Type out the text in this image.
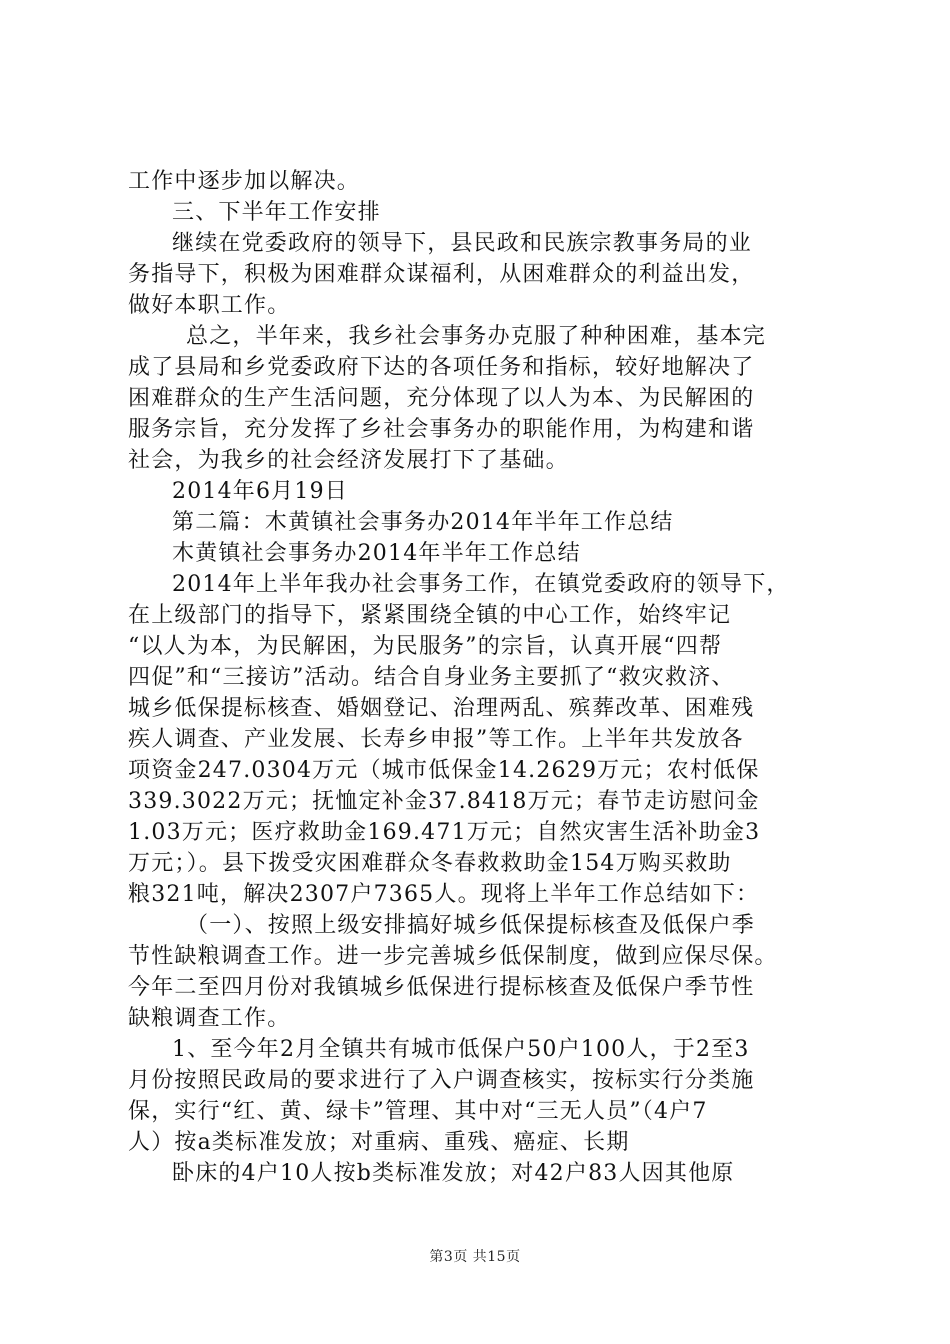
工作中逐步加以解决。
三、下半年工作安排
继续在党委政府的领导下，县民政和民族宗教事务局的业
务指导下，积极为困难群众谋福利，从困难群众的利益出发，
做好本职工作。
总之，半年来，我乡社会事务办克服了种种困难，基本完
成了县局和乡党委政府下达的各项任务和指标，较好地解决了
困难群众的生产生活问题，充分体现了以人为本、为民解困的
服务宗旨，充分发挥了乡社会事务办的职能作用，为构建和谐
社会，为我乡的社会经济发展打下了基础。
2014年6月19日
第二篇：木黄镇社会事务办2014年半年工作总结
木黄镇社会事务办2014年半年工作总结
2014年上半年我办社会事务工作，在镇党委政府的领导下，
在上级部门的指导下，紧紧围绕全镇的中心工作，始终牢记
“以人为本，为民解困，为民服务”的宗旨，认真开展“四帮
四促”和“三接访”活动。结合自身业务主要抓了“救灾救济、
城乡低保提标核查、婚姻登记、治理两乱、殡葬改革、困难残
疾人调查、产业发展、长寿乡申报”等工作。上半年共发放各
项资金247.0304万元（城市低保金14.2629万元；农村低保
339.3022万元；抚恤定补金37.8418万元；春节走访慰问金
1.03万元；医疗救助金169.471万元；自然灾害生活补助金3
万元；）。县下拨受灾困难群众冬春救救助金154万购买救助
粮321吨，解决2307户7365人。现将上半年工作总结如下：
（一）、按照上级安排搞好城乡低保提标核查及低保户季
节性缺粮调查工作。进一步完善城乡低保制度，做到应保尽保。
今年二至四月份对我镇城乡低保进行提标核查及低保户季节性
缺粮调查工作。
1、至今年2月全镇共有城市低保户50户100人，于2至3
月份按照民政局的要求进行了入户调查核实，按标实行分类施
保，实行“红、黄、绿卡”管理、其中对“三无人员”（4户7
人）按a类标准发放；对重病、重残、癌症、长期
卧床的4户10人按b类标准发放；对42户83人因其他原
第3页 共15页
